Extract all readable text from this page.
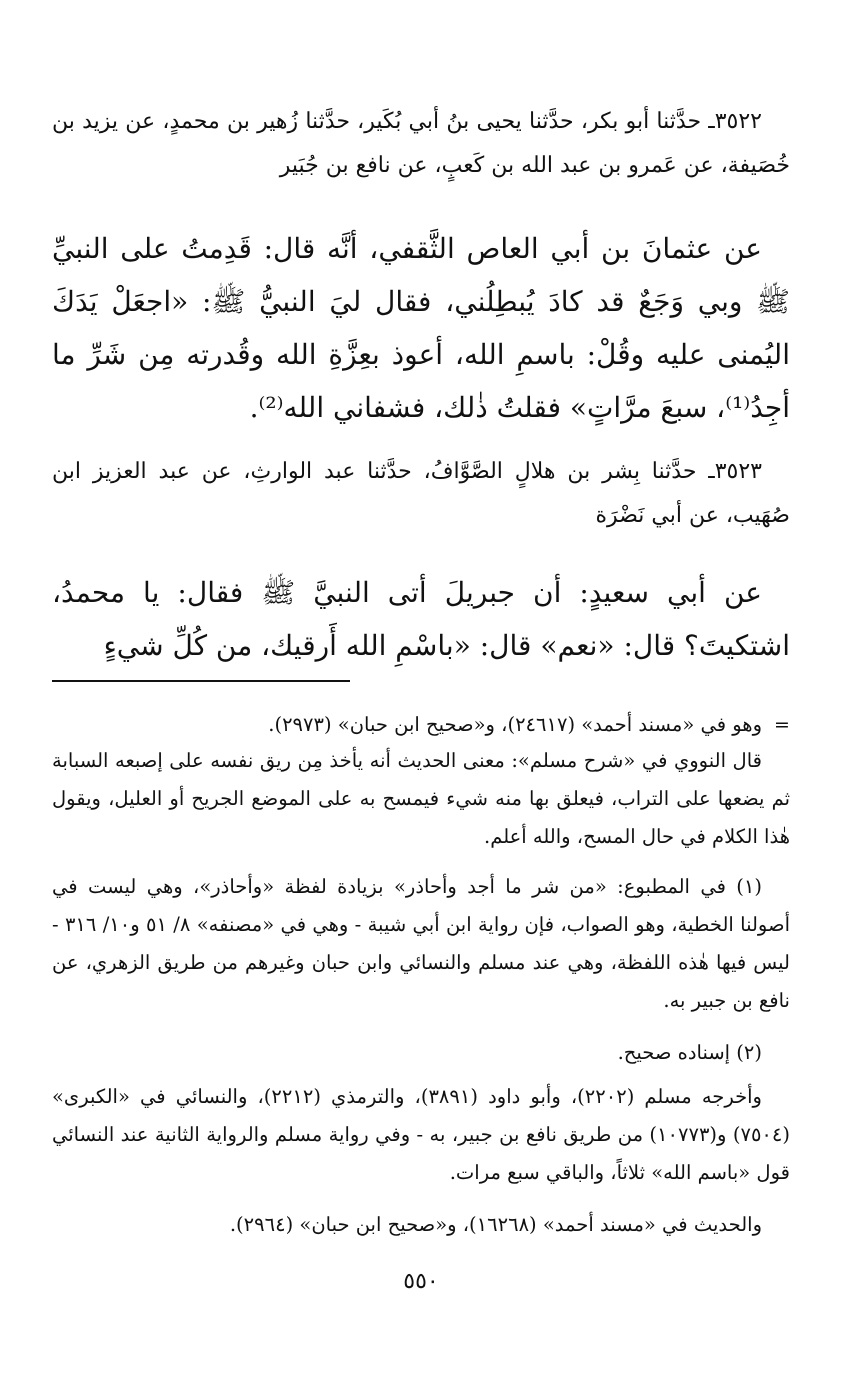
٣٥٢٢ـ حدَّثنا أبو بكر، حدَّثنا يحيى بنُ أبي بُكَير، حدَّثنا زُهير بن محمدٍ، عن يزيد بن خُصَيفة، عن عَمرو بن عبد الله بن كَعبٍ، عن نافع بن جُبَير

عن عثمانَ بن أبي العاص الثَّقفي، أنَّه قال: قَدِمتُ على النبيِّ ﷺ وبي وَجَعٌ قد كادَ يُبطِلُني، فقال ليَ النبيُّ ﷺ: «اجعَلْ يَدَكَ اليُمنى عليه وقُلْ: باسمِ الله، أعوذ بعِزَّةِ الله وقُدرته مِن شَرِّ ما أجِدُ⁽¹⁾، سبعَ مرَّاتٍ» فقلتُ ذٰلك، فشفاني الله⁽²⁾.

٣٥٢٣ـ حدَّثنا بِشر بن هلالٍ الصَّوَّافُ، حدَّثنا عبد الوارثِ، عن عبد العزيز ابن صُهَيب، عن أبي نَضْرَة

عن أبي سعيدٍ: أن جبريلَ أتى النبيَّ ﷺ فقال: يا محمدُ، اشتكيتَ؟ قال: «نعم» قال: «باسْمِ الله أَرقيك، من كُلِّ شيءٍ

=

وهو في «مسند أحمد» (٢٤٦١٧)، و«صحيح ابن حبان» (٢٩٧٣).

قال النووي في «شرح مسلم»: معنى الحديث أنه يأخذ مِن ريق نفسه على إصبعه السبابة ثم يضعها على التراب، فيعلق بها منه شيء فيمسح به على الموضع الجريح أو العليل، ويقول هٰذا الكلام في حال المسح، والله أعلم.

(١) في المطبوع: «من شر ما أجد وأحاذر» بزيادة لفظة «وأحاذر»، وهي ليست في أصولنا الخطية، وهو الصواب، فإن رواية ابن أبي شيبة - وهي في «مصنفه» ٨/ ٥١ و١٠/ ٣١٦ - ليس فيها هٰذه اللفظة، وهي عند مسلم والنسائي وابن حبان وغيرهم من طريق الزهري، عن نافع بن جبير به.

(٢) إسناده صحيح.

وأخرجه مسلم (٢٢٠٢)، وأبو داود (٣٨٩١)، والترمذي (٢٢١٢)، والنسائي في «الكبرى» (٧٥٠٤) و(١٠٧٧٣) من طريق نافع بن جبير، به - وفي رواية مسلم والرواية الثانية عند النسائي قول «باسم الله» ثلاثاً، والباقي سبع مرات.

والحديث في «مسند أحمد» (١٦٢٦٨)، و«صحيح ابن حبان» (٢٩٦٤).

٥٥٠
